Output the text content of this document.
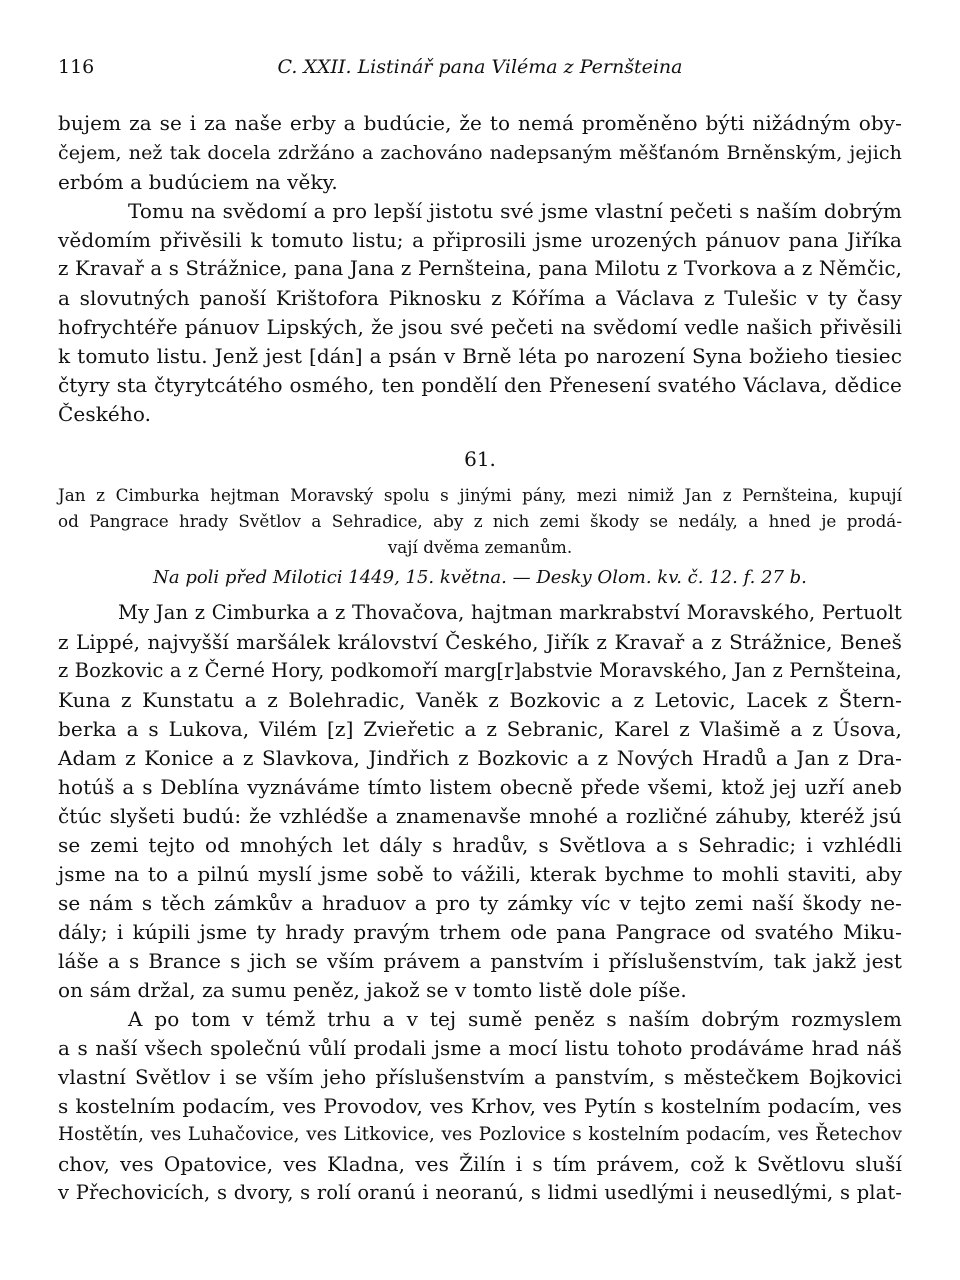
116	C. XXII. Listinář pana Viléma z Pernšteina
bujem za se i za naše erby a budúcie, že to nemá proměněno býti nižádným oby-
čejem, než tak docela zdržáno a zachováno nadepsaným měšťanóm Brněnským, jejich
erbóm a budúciem na věky.
Tomu na svědomí a pro lepší jistotu své jsme vlastní pečeti s naším dobrým
vědomím přivěsili k tomuto listu; a připrosili jsme urozených pánuov pana Jiříka
z Kravař a s Strážnice, pana Jana z Pernšteina, pana Milotu z Tvorkova a z Němčic,
a slovutných panoší Krištofora Piknosku z Kóříma a Václava z Tulešic v ty časy
hofrychtéře pánuov Lipských, že jsou své pečeti na svědomí vedle našich přivěsili
k tomuto listu. Jenž jest [dán] a psán v Brně léta po narození Syna božieho tiesiec
čtyry sta čtyrytcátého osmého, ten pondělí den Přenesení svatého Václava, dědice
Českého.
61.
Jan z Cimburka hejtman Moravský spolu s jinými pány, mezi nimiž Jan z Pernšteina, kupují
od Pangrace hrady Světlov a Sehradice, aby z nich zemi škody se nedály, a hned je prodá-
vají dvěma zemanům.
Na poli před Milotici 1449, 15. května. — Desky Olom. kv. č. 12. f. 27 b.
My Jan z Cimburka a z Thovačova, hajtman markrabství Moravského, Pertuolt
z Lippé, najvyšší maršálek království Českého, Jiřík z Kravař a z Strážnice, Beneš
z Bozkovic a z Černé Hory, podkomoří marg[r]abstvie Moravského, Jan z Pernšteina,
Kuna z Kunstatu a z Bolehradic, Vaněk z Bozkovic a z Letovic, Lacek z Štern-
berka a s Lukova, Vilém [z] Zvieřetic a z Sebranic, Karel z Vlašimě a z Úsova,
Adam z Konice a z Slavkova, Jindřich z Bozkovic a z Nových Hradů a Jan z Dra-
hotúš a s Deblína vyznáváme tímto listem obecně přede všemi, ktož jej uzří aneb
čtúc slyšeti budú: že vzhlédše a znamenavše mnohé a rozličné záhuby, kteréž jsú
se zemi tejto od mnohých let dály s hradův, s Světlova a s Sehradic; i vzhlédli
jsme na to a pilnú myslí jsme sobě to vážili, kterak bychme to mohli staviti, aby
se nám s těch zámkův a hraduov a pro ty zámky víc v tejto zemi naší škody ne-
dály; i kúpili jsme ty hrady pravým trhem ode pana Pangrace od svatého Miku-
láše a s Brance s jich se vším právem a panstvím i příslušenstvím, tak jakž jest
on sám držal, za sumu peněz, jakož se v tomto listě dole píše.
A po tom v témž trhu a v tej sumě peněz s naším dobrým rozmyslem
a s naší všech společnú vůlí prodali jsme a mocí listu tohoto prodáváme hrad náš
vlastní Světlov i se vším jeho příslušenstvím a panstvím, s městečkem Bojkovici
s kostelním podacím, ves Provodov, ves Krhov, ves Pytín s kostelním podacím, ves
Hostětín, ves Luhačovice, ves Litkovice, ves Pozlovice s kostelním podacím, ves Řetechov
chov, ves Opatovice, ves Kladna, ves Žilín i s tím právem, což k Světlovu sluší
v Přechovicích, s dvory, s rolí oranú i neoranú, s lidmi usedlými i neusedlými, s plat-
